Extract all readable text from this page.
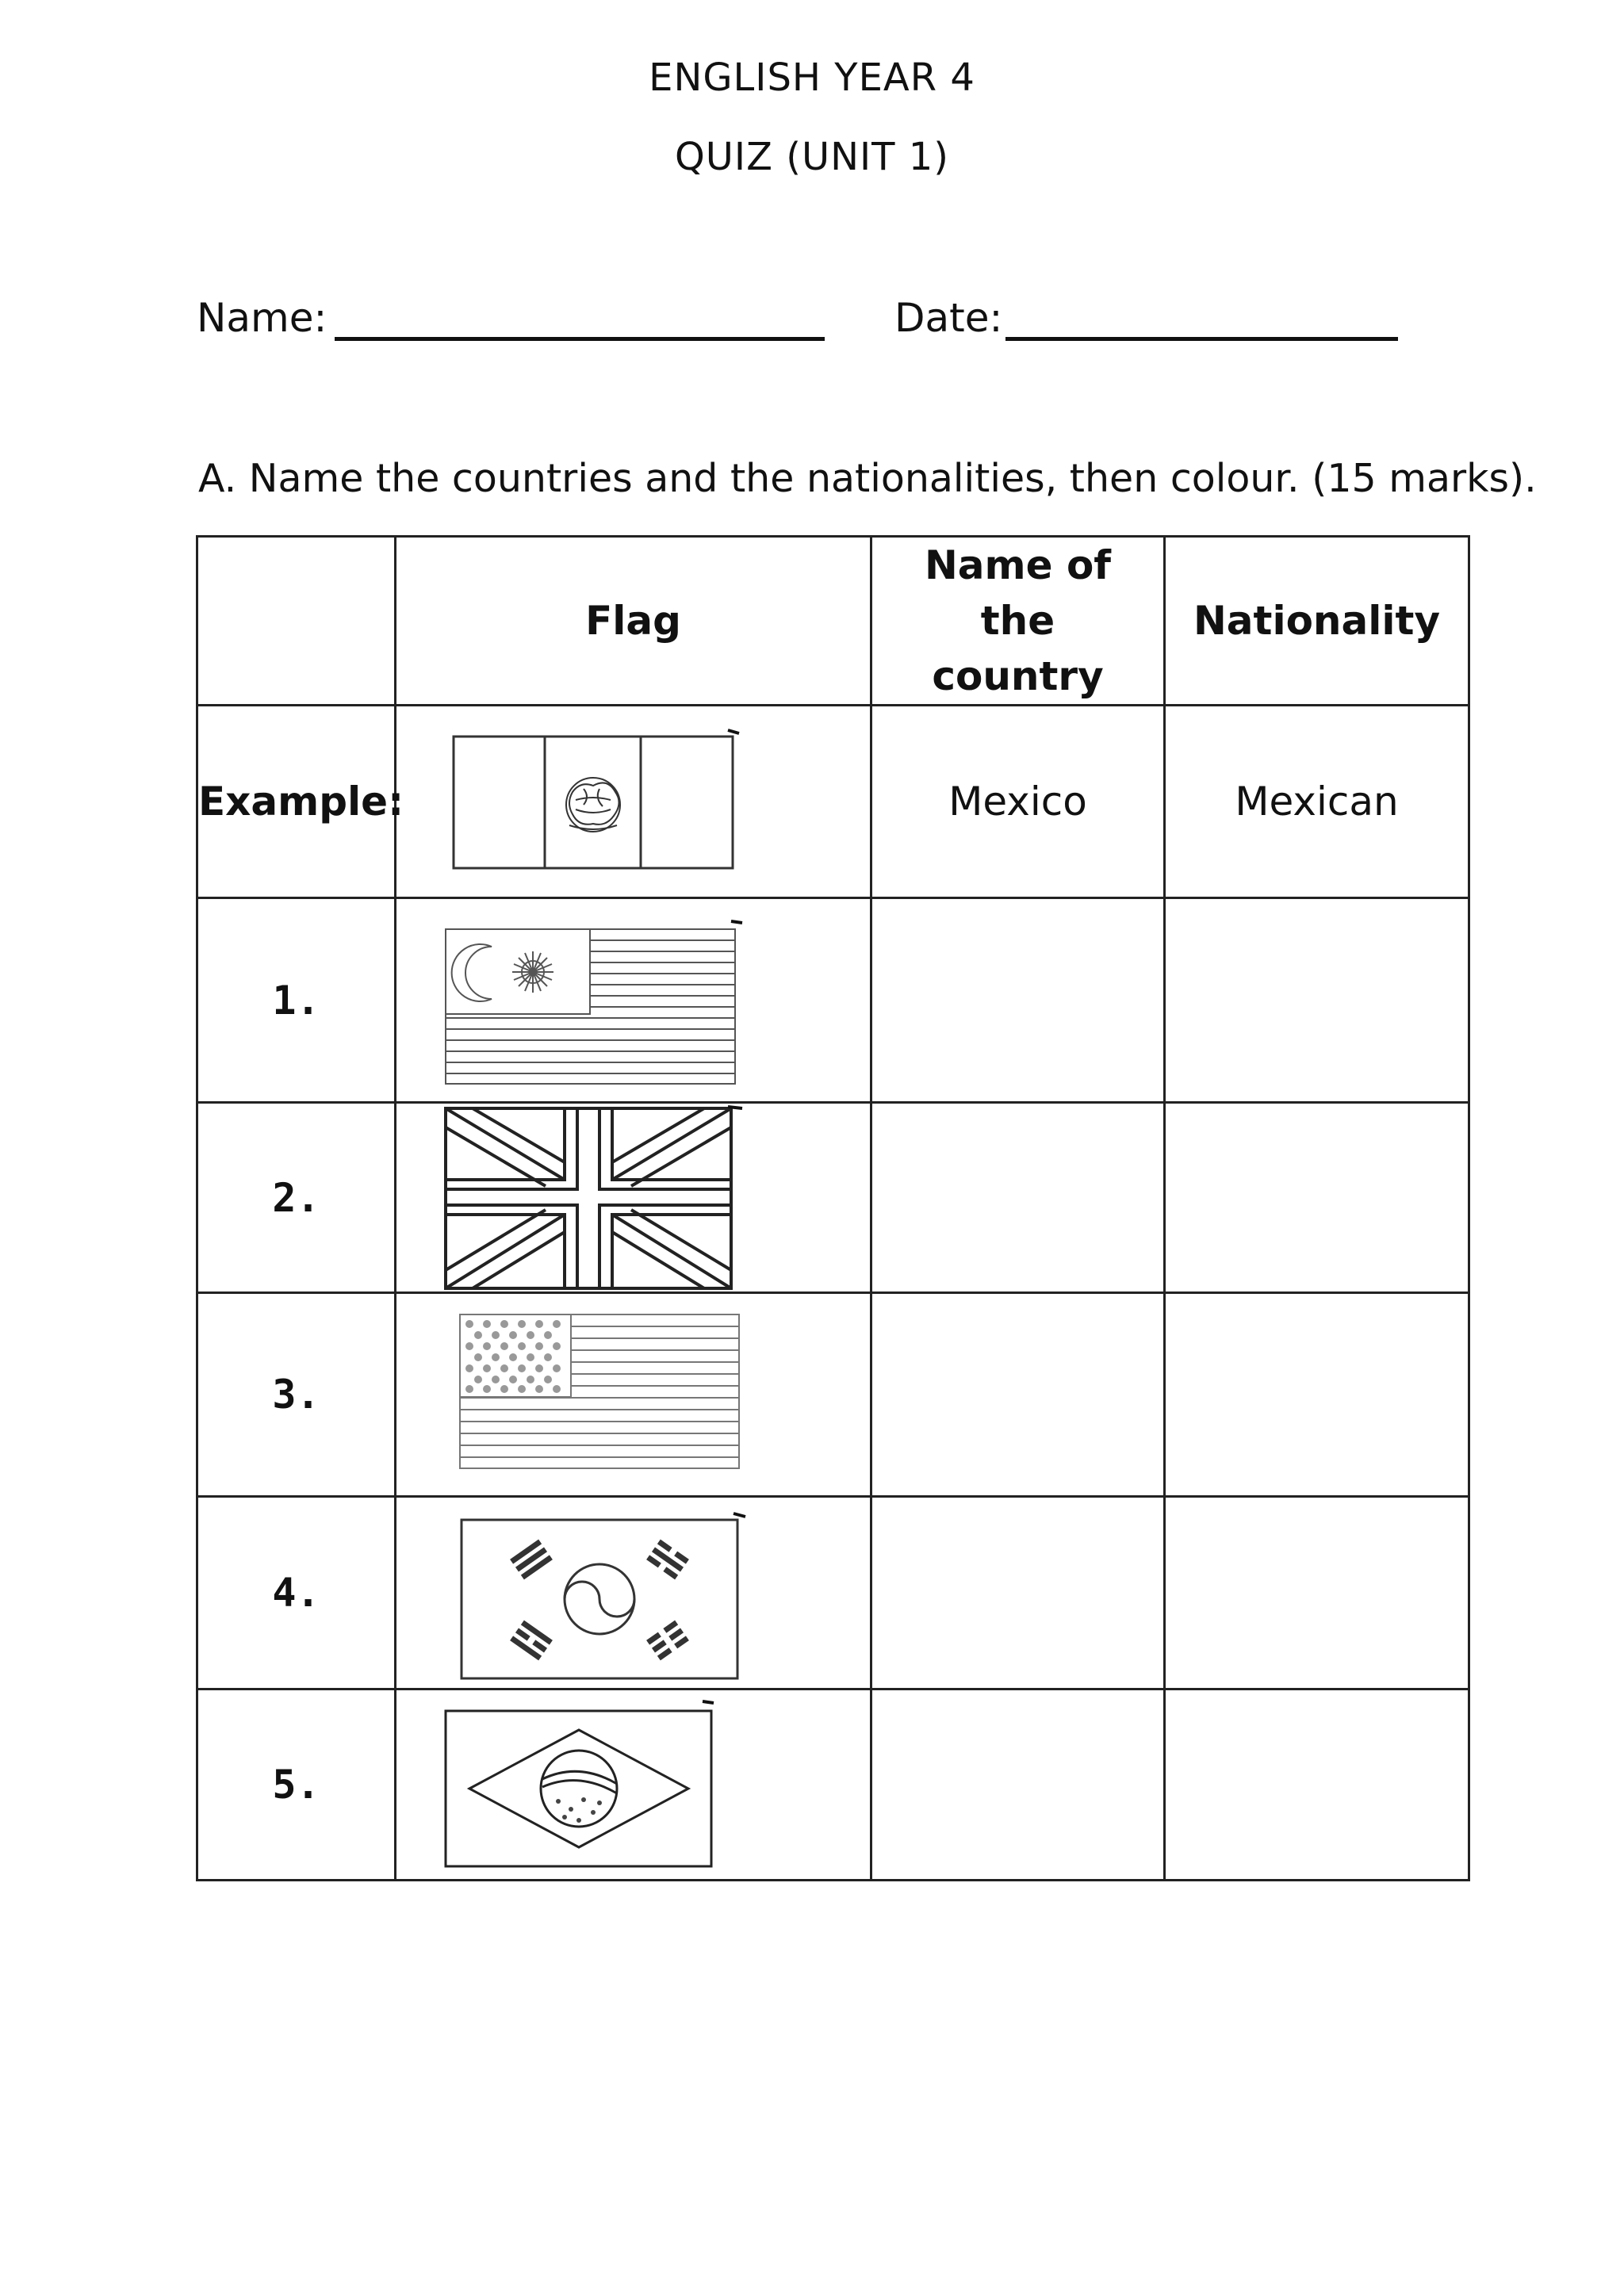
ENGLISH YEAR 4
QUIZ (UNIT 1)
Name:	Date:
A. Name the countries and the nationalities, then colour. (15 marks).
	Flag	Name of the country	Nationality
Example:		Mexico	Mexican
1.	

2.	

3.	

4.	

5.	
